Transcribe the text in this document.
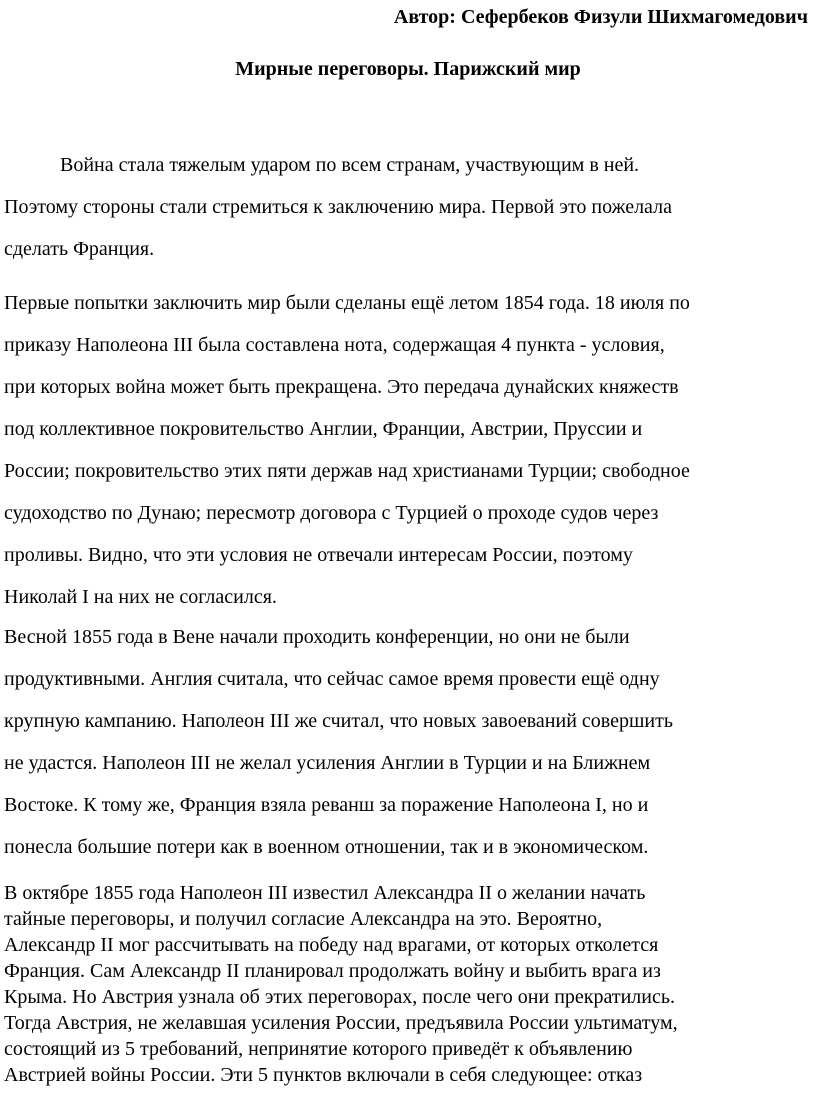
Автор: Сефербеков Физули Шихмагомедович
Мирные переговоры. Парижский мир
Война стала тяжелым ударом по всем странам, участвующим в ней.
Поэтому стороны стали стремиться к заключению мира. Первой это пожелала
сделать Франция.
Первые попытки заключить мир были сделаны ещё летом 1854 года. 18 июля по
приказу Наполеона III была составлена нота, содержащая 4 пункта - условия,
при которых война может быть прекращена. Это передача дунайских княжеств
под коллективное покровительство Англии, Франции, Австрии, Пруссии и
России; покровительство этих пяти держав над христианами Турции; свободное
судоходство по Дунаю; пересмотр договора с Турцией о проходе судов через
проливы. Видно, что эти условия не отвечали интересам России, поэтому
Николай I на них не согласился.
Весной 1855 года в Вене начали проходить конференции, но они не были
продуктивными. Англия считала, что сейчас самое время провести ещё одну
крупную кампанию. Наполеон III же считал, что новых завоеваний совершить
не удастся. Наполеон III не желал усиления Англии в Турции и на Ближнем
Востоке. К тому же, Франция взяла реванш за поражение Наполеона I, но и
понесла большие потери как в военном отношении, так и в экономическом.
В октябре 1855 года Наполеон III известил Александра II о желании начать
тайные переговоры, и получил согласие Александра на это. Вероятно,
Александр II мог рассчитывать на победу над врагами, от которых отколется
Франция. Сам Александр II планировал продолжать войну и выбить врага из
Крыма. Но Австрия узнала об этих переговорах, после чего они прекратились.
Тогда Австрия, не желавшая усиления России, предъявила России ультиматум,
состоящий из 5 требований, непринятие которого приведёт к объявлению
Австрией войны России. Эти 5 пунктов включали в себя следующее: отказ
